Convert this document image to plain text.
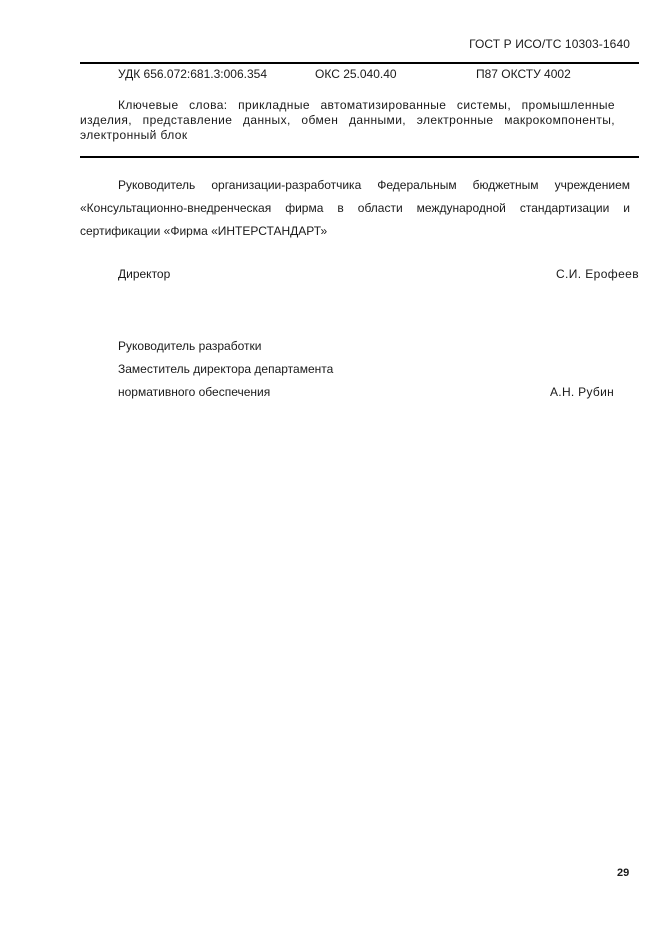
ГОСТ Р ИСО/ТС 10303-1640
УДК 656.072:681.3:006.354	ОКС 25.040.40	П87 ОКСТУ 4002
Ключевые слова: прикладные автоматизированные системы, промышленные изделия, представление данных, обмен данными, электронные макрокомпоненты, электронный блок
Руководитель организации-разработчика Федеральным бюджетным учреждением «Консультационно-внедренческая фирма в области международной стандартизации и сертификации «Фирма «ИНТЕРСТАНДАРТ»
Директор	С.И. Ерофеев
Руководитель разработки
Заместитель директора департамента
нормативного обеспечения	А.Н. Рубин
29
